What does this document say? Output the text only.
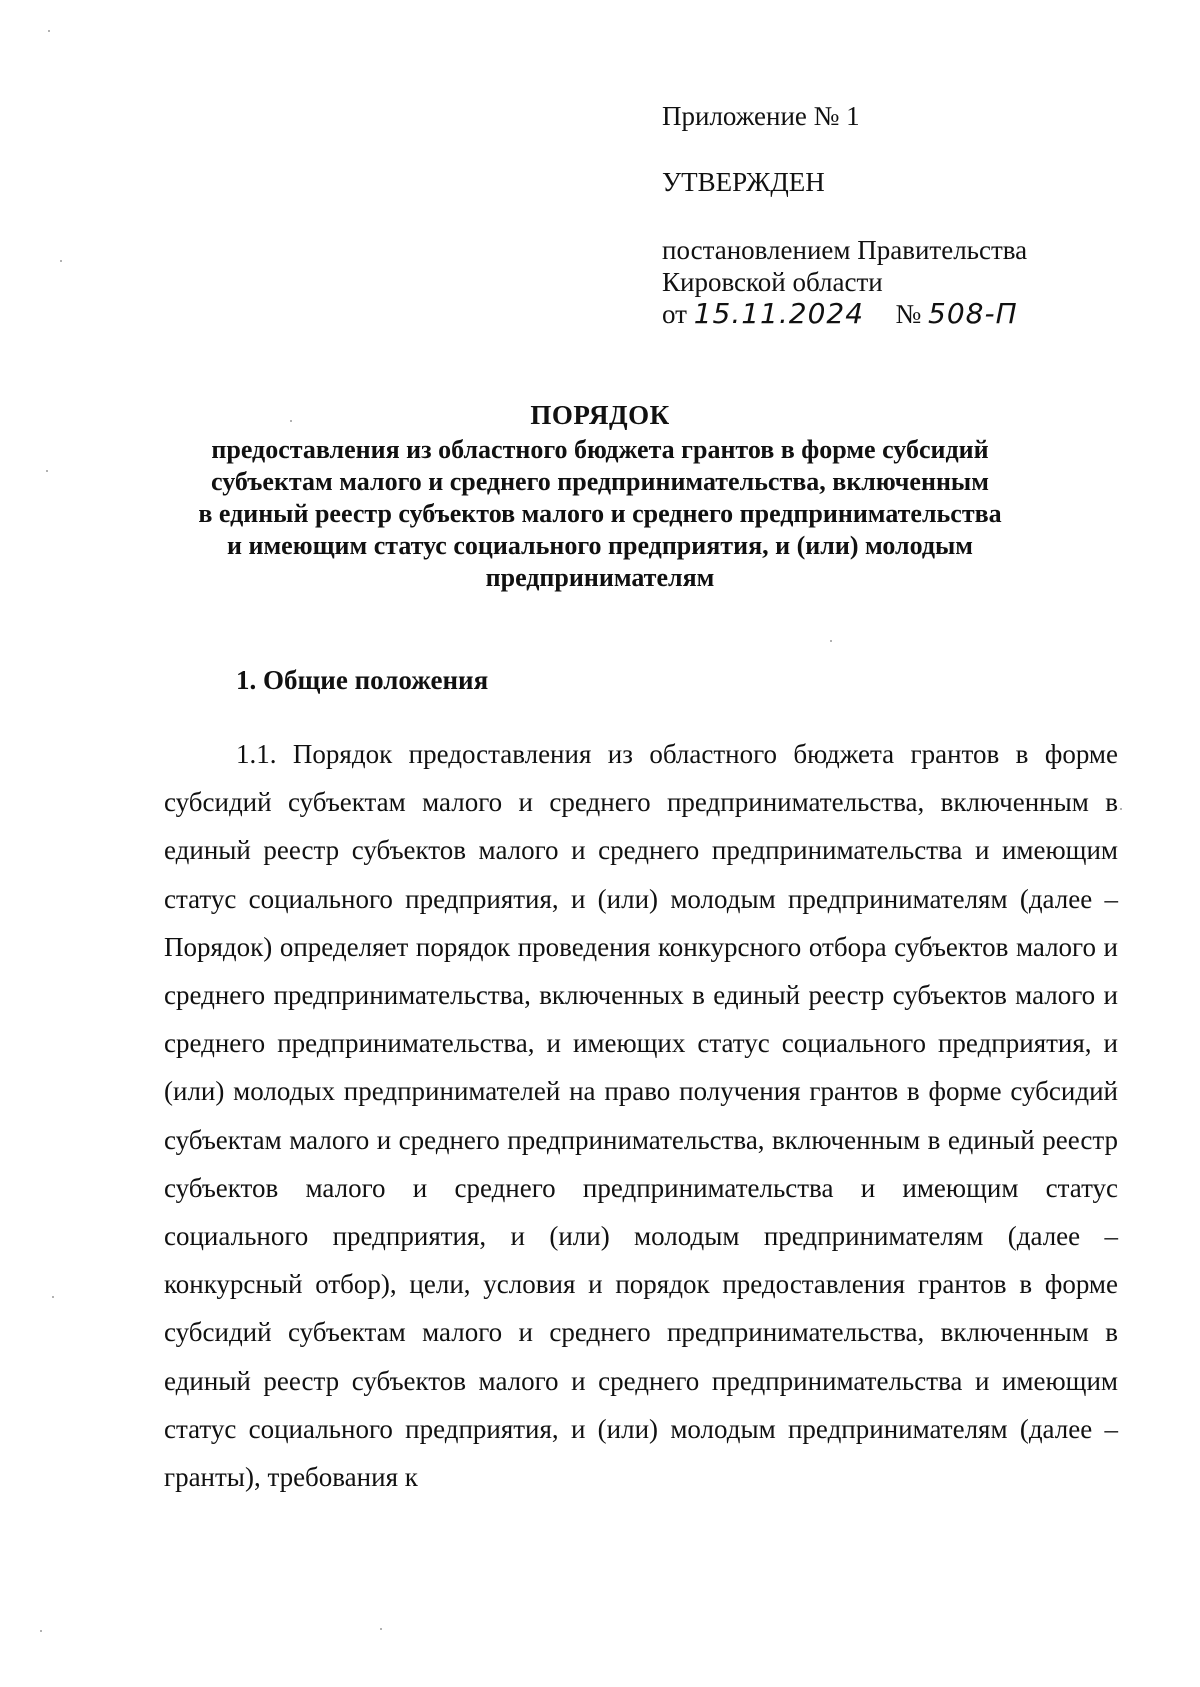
Приложение № 1

УТВЕРЖДЕН

постановлением Правительства
Кировской области
от 15.11.2024 № 508-П

ПОРЯДОК

предоставления из областного бюджета грантов в форме субсидий

субъектам малого и среднего предпринимательства, включенным

в единый реестр субъектов малого и среднего предпринимательства

и имеющим статус социального предприятия, и (или) молодым

предпринимателям

1. Общие положения

1.1. Порядок предоставления из областного бюджета грантов в форме субсидий субъектам малого и среднего предпринимательства, включенным в единый реестр субъектов малого и среднего предпринимательства и имеющим статус социального предприятия, и (или) молодым предпринимателям (далее – Порядок) определяет порядок проведения конкурсного отбора субъектов малого и среднего предпринимательства, включенных в единый реестр субъектов малого и среднего предпринимательства, и имеющих статус социального предприятия, и (или) молодых предпринимателей на право получения грантов в форме субсидий субъектам малого и среднего предпринимательства, включенным в единый реестр субъектов малого и среднего предпринимательства и имеющим статус социального предприятия, и (или) молодым предпринимателям (далее – конкурсный отбор), цели, условия и порядок предоставления грантов в форме субсидий субъектам малого и среднего предпринимательства, включенным в единый реестр субъектов малого и среднего предпринимательства и имеющим статус социального предприятия, и (или) молодым предпринимателям (далее – гранты), требования к
